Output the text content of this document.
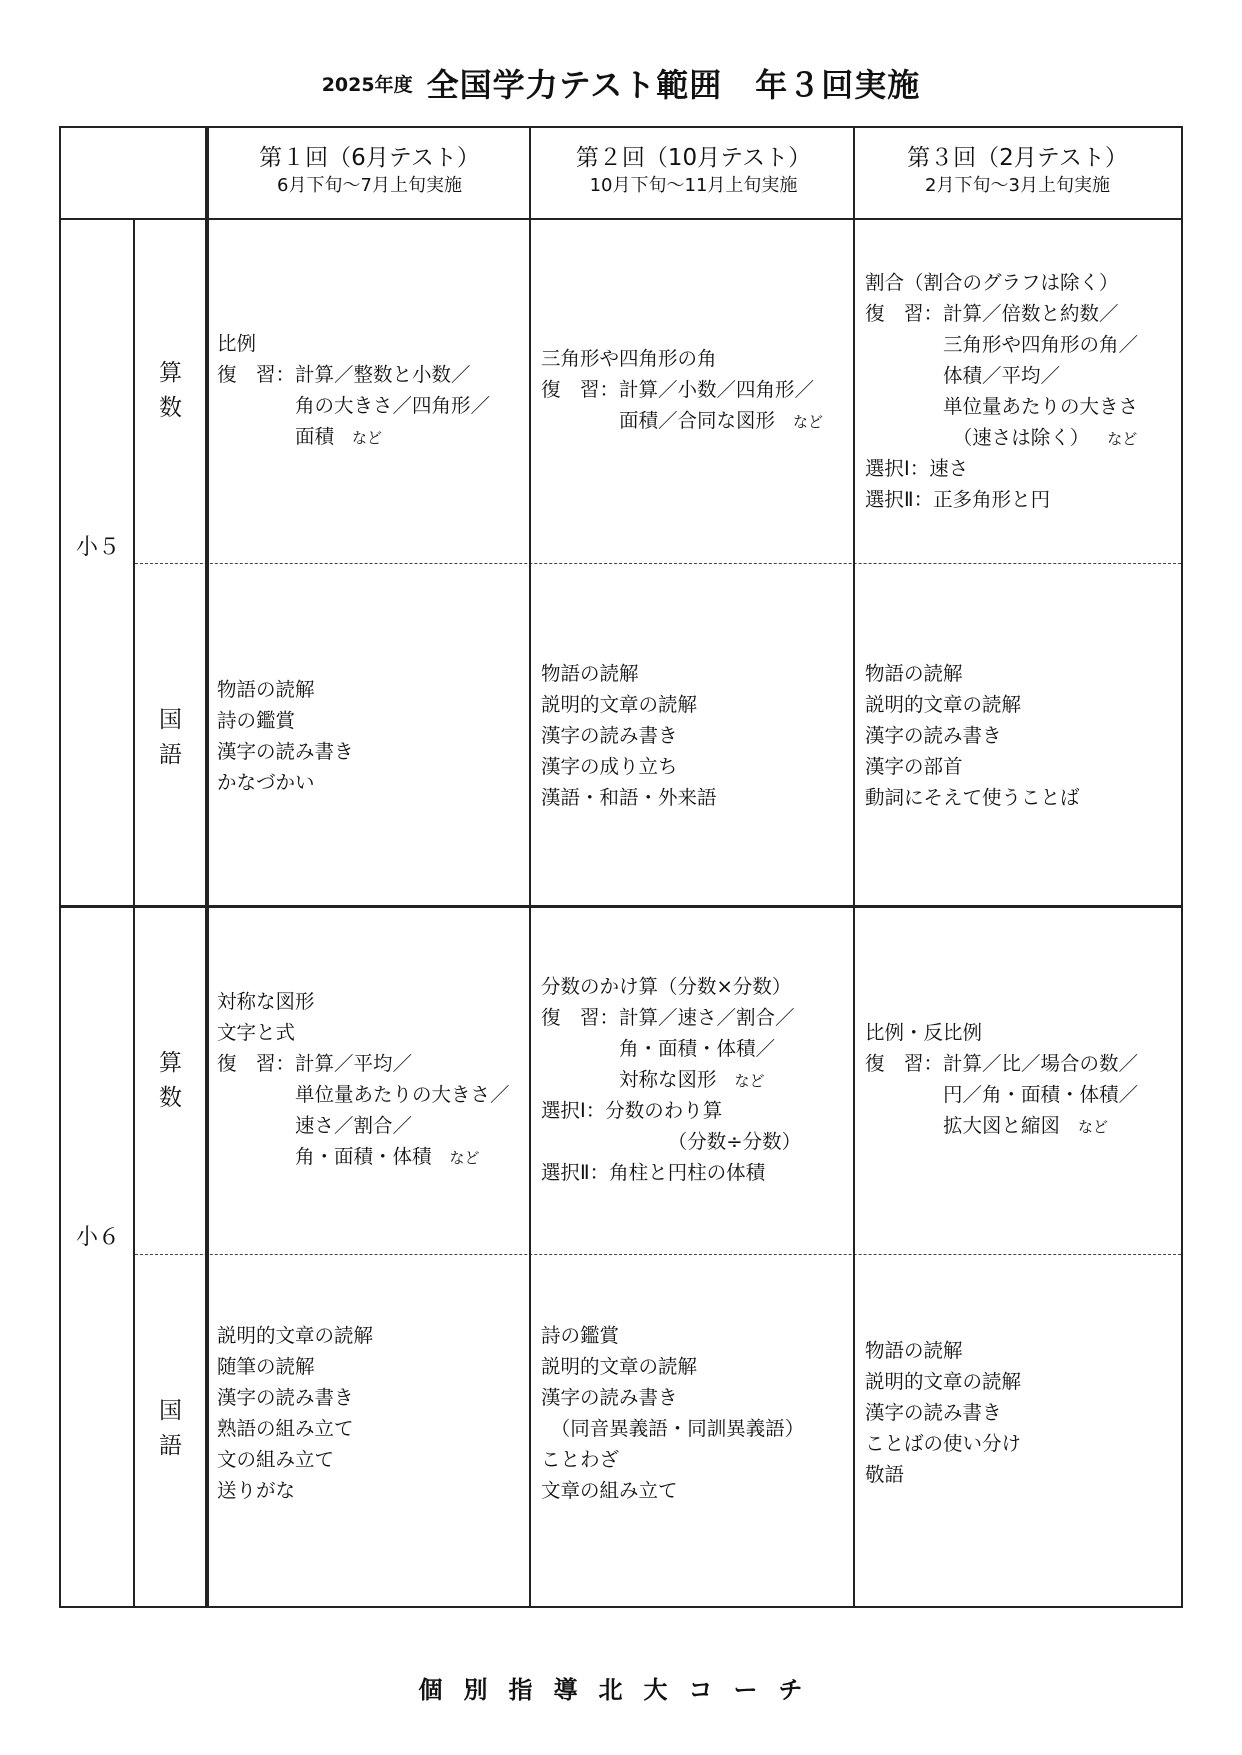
2025年度 全国学力テスト範囲　年３回実施
第１回（6月テスト）
6月下旬〜7月上旬実施
第２回（10月テスト）
10月下旬〜11月上旬実施
第３回（2月テスト）
2月下旬〜3月上旬実施
小５
小６
算数
国語
算数
国語
比例
復　習：計算／整数と小数／
　　　　角の大きさ／四角形／
　　　　面積 など
三角形や四角形の角
復　習：計算／小数／四角形／
　　　　面積／合同な図形 など
割合（割合のグラフは除く）
復　習：計算／倍数と約数／
　　　　三角形や四角形の角／
　　　　体積／平均／
　　　　単位量あたりの大きさ
　　　　　（速さは除く） など
選択Ⅰ：速さ
選択Ⅱ：正多角形と円
物語の読解
詩の鑑賞
漢字の読み書き
かなづかい
物語の読解
説明的文章の読解
漢字の読み書き
漢字の成り立ち
漢語・和語・外来語
物語の読解
説明的文章の読解
漢字の読み書き
漢字の部首
動詞にそえて使うことば
対称な図形
文字と式
復　習：計算／平均／
　　　　単位量あたりの大きさ／
　　　　速さ／割合／
　　　　角・面積・体積 など
分数のかけ算（分数×分数）
復　習：計算／速さ／割合／
　　　　角・面積・体積／
　　　　対称な図形 など
選択Ⅰ：分数のわり算
　　　　　　　（分数÷分数）
選択Ⅱ：角柱と円柱の体積
比例・反比例
復　習：計算／比／場合の数／
　　　　円／角・面積・体積／
　　　　拡大図と縮図 など
説明的文章の読解
随筆の読解
漢字の読み書き
熟語の組み立て
文の組み立て
送りがな
詩の鑑賞
説明的文章の読解
漢字の読み書き
　（同音異義語・同訓異義語）
ことわざ
文章の組み立て
物語の読解
説明的文章の読解
漢字の読み書き
ことばの使い分け
敬語
個別指導北大コーチ
